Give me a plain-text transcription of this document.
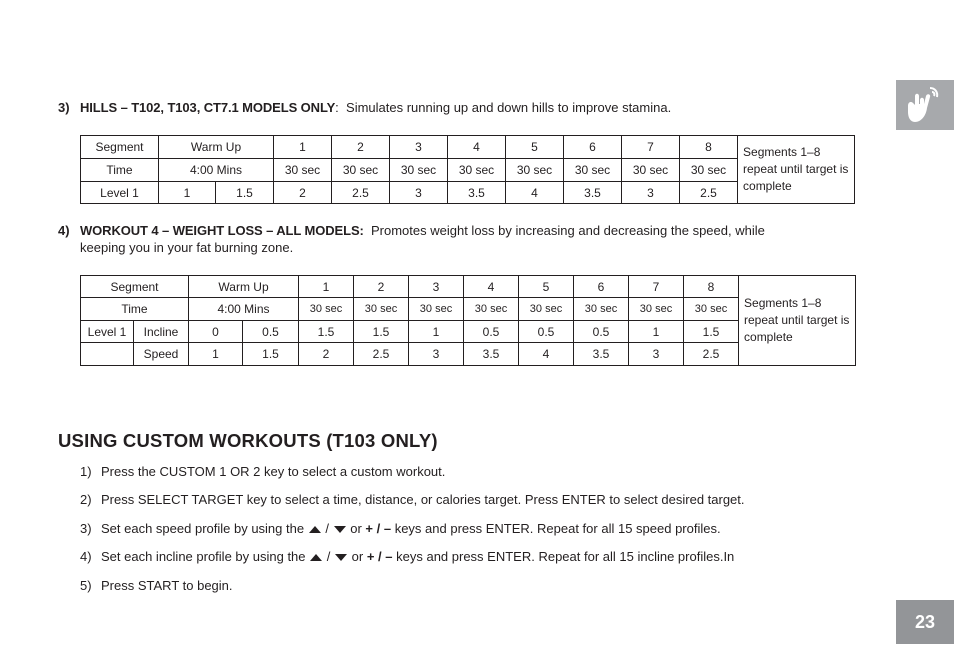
3) HILLS – T102, T103, CT7.1 MODELS ONLY: Simulates running up and down hills to improve stamina.
Segment	Warm Up		1	2	3	4	5	6	7	8	Segments 1–8 repeat until target is complete
Time	4:00 Mins		30 sec	30 sec	30 sec	30 sec	30 sec	30 sec	30 sec	30 sec	
Level 1	1	1.5	2	2.5	3	3.5	4	3.5	3	2.5	
4) WORKOUT 4 – WEIGHT LOSS – ALL MODELS: Promotes weight loss by increasing and decreasing the speed, while
keeping you in your fat burning zone.
Segment		Warm Up		1	2	3	4	5	6	7	8	Segments 1–8 repeat until target is complete
Time		4:00 Mins		30 sec	30 sec	30 sec	30 sec	30 sec	30 sec	30 sec	30 sec	
Level 1	Incline	0	0.5	1.5	1.5	1	0.5	0.5	0.5	1	1.5	
	Speed	1	1.5	2	2.5	3	3.5	4	3.5	3	2.5	
USING CUSTOM WORKOUTS (T103 ONLY)
1) Press the CUSTOM 1 OR 2 key to select a custom workout.
2) Press SELECT TARGET key to select a time, distance, or calories target. Press ENTER to select desired target.
3) Set each speed profile by using the / or + / – keys and press ENTER. Repeat for all 15 speed profiles.
4) Set each incline profile by using the / or + / – keys and press ENTER. Repeat for all 15 incline profiles.In
5) Press START to begin.
23
